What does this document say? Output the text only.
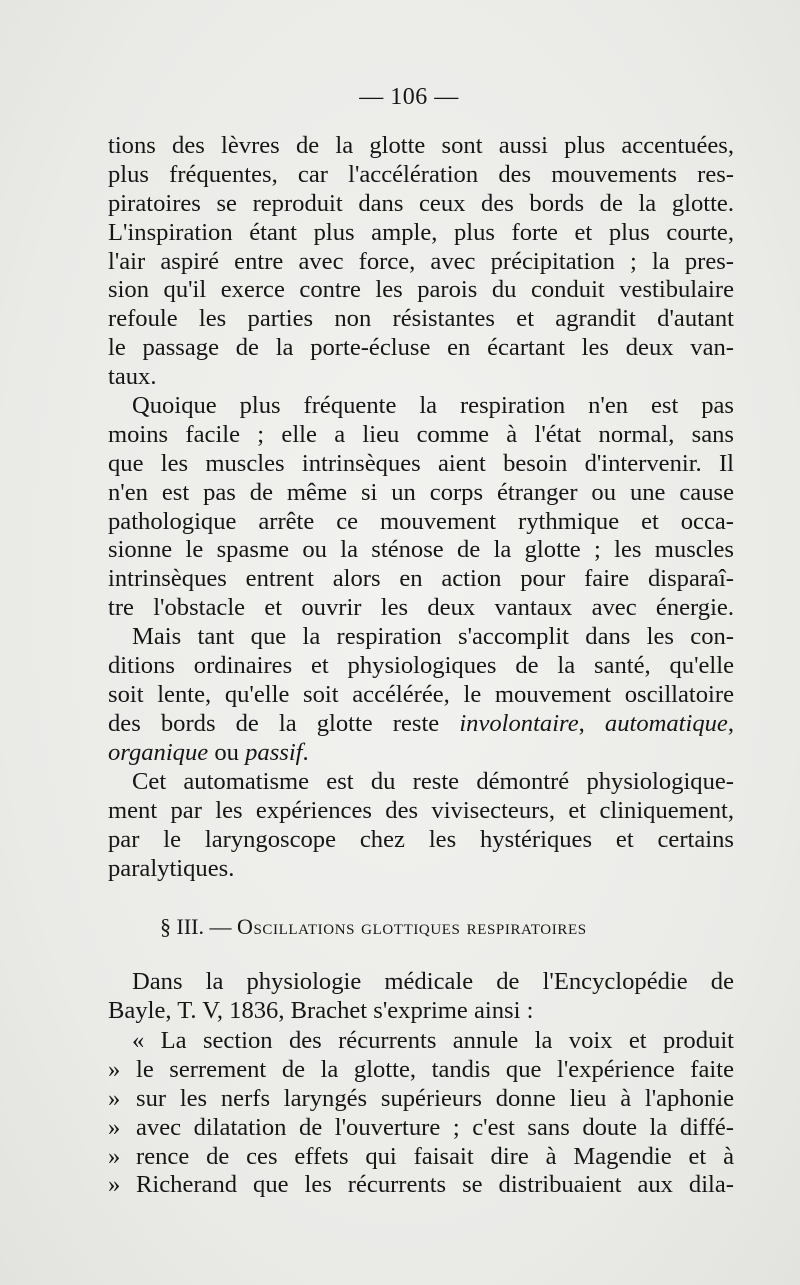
— 106 —
tions des lèvres de la glotte sont aussi plus accentuées,
plus fréquentes, car l'accélération des mouvements res-
piratoires se reproduit dans ceux des bords de la glotte.
L'inspiration étant plus ample, plus forte et plus courte,
l'air aspiré entre avec force, avec précipitation ; la pres-
sion qu'il exerce contre les parois du conduit vestibulaire
refoule les parties non résistantes et agrandit d'autant
le passage de la porte-écluse en écartant les deux van-
taux.
Quoique plus fréquente la respiration n'en est pas
moins facile ; elle a lieu comme à l'état normal, sans
que les muscles intrinsèques aient besoin d'intervenir. Il
n'en est pas de même si un corps étranger ou une cause
pathologique arrête ce mouvement rythmique et occa-
sionne le spasme ou la sténose de la glotte ; les muscles
intrinsèques entrent alors en action pour faire disparaî-
tre l'obstacle et ouvrir les deux vantaux avec énergie.
Mais tant que la respiration s'accomplit dans les con-
ditions ordinaires et physiologiques de la santé, qu'elle
soit lente, qu'elle soit accélérée, le mouvement oscillatoire
des bords de la glotte reste involontaire, automatique,
organique ou passif.
Cet automatisme est du reste démontré physiologique-
ment par les expériences des vivisecteurs, et cliniquement,
par le laryngoscope chez les hystériques et certains
paralytiques.
§ III. — Oscillations glottiques respiratoires
Dans la physiologie médicale de l'Encyclopédie de
Bayle, T. V, 1836, Brachet s'exprime ainsi :
« La section des récurrents annule la voix et produit
» le serrement de la glotte, tandis que l'expérience faite
» sur les nerfs laryngés supérieurs donne lieu à l'aphonie
» avec dilatation de l'ouverture ; c'est sans doute la diffé-
» rence de ces effets qui faisait dire à Magendie et à
» Richerand que les récurrents se distribuaient aux dila-
